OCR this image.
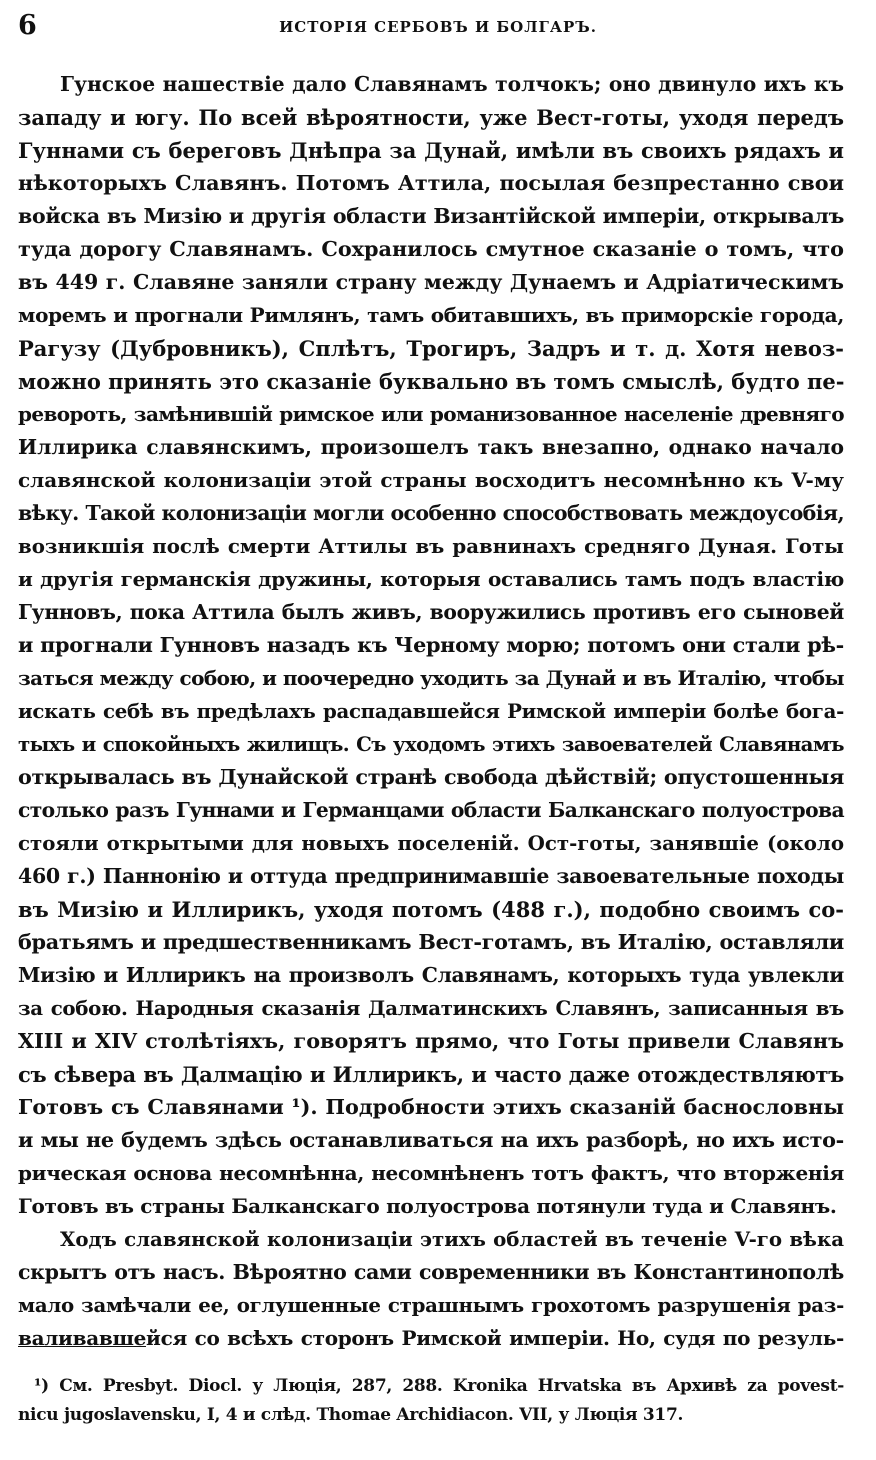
6	ИСТОРІЯ СЕРБОВЪ И БОЛГАРЪ.
Гунское нашествіе дало Славянамъ толчокъ; оно двинуло ихъ къ
западу и югу. По всей вѣроятности, уже Вест-готы, уходя передъ
Гуннами съ береговъ Днѣпра за Дунай, имѣли въ своихъ рядахъ и
нѣкоторыхъ Славянъ. Потомъ Аттила, посылая безпрестанно свои
войска въ Мизію и другія области Византійской имперіи, открывалъ
туда дорогу Славянамъ. Сохранилось смутное сказаніе о томъ, что
въ 449 г. Славяне заняли страну между Дунаемъ и Адріатическимъ
моремъ и прогнали Римлянъ, тамъ обитавшихъ, въ приморскіе города,
Рагузу (Дубровникъ), Сплѣтъ, Трогиръ, Задръ и т. д. Хотя невоз-
можно принять это сказаніе буквально въ томъ смыслѣ, будто пе-
ревороть, замѣнившій римское или романизованное населеніе древняго
Иллирика славянскимъ, произошелъ такъ внезапно, однако начало
славянской колонизаціи этой страны восходитъ несомнѣнно къ V-му
вѣку. Такой колонизаціи могли особенно способствовать междоусобія,
возникшія послѣ смерти Аттилы въ равнинахъ средняго Дуная. Готы
и другія германскія дружины, которыя оставались тамъ подъ властію
Гунновъ, пока Аттила былъ живъ, вооружились противъ его сыновей
и прогнали Гунновъ назадъ къ Черному морю; потомъ они стали рѣ-
заться между собою, и поочередно уходить за Дунай и въ Италію, чтобы
искать себѣ въ предѣлахъ распадавшейся Римской имперіи болѣе бога-
тыхъ и спокойныхъ жилищъ. Съ уходомъ этихъ завоевателей Славянамъ
открывалась въ Дунайской странѣ свобода дѣйствій; опустошенныя
столько разъ Гуннами и Германцами области Балканскаго полуострова
стояли открытыми для новыхъ поселеній. Ост-готы, занявшіе (около
460 г.) Паннонію и оттуда предпринимавшіе завоевательные походы
въ Мизію и Иллирикъ, уходя потомъ (488 г.), подобно своимъ со-
братьямъ и предшественникамъ Вест-готамъ, въ Италію, оставляли
Мизію и Иллирикъ на произволъ Славянамъ, которыхъ туда увлекли
за собою. Народныя сказанія Далматинскихъ Славянъ, записанныя въ
XIII и XIV столѣтіяхъ, говорятъ прямо, что Готы привели Славянъ
съ сѣвера въ Далмацію и Иллирикъ, и часто даже отождествляютъ
Готовъ съ Славянами ¹). Подробности этихъ сказаній баснословны
и мы не будемъ здѣсь останавливаться на ихъ разборѣ, но ихъ исто-
рическая основа несомнѣнна, несомнѣненъ тотъ фактъ, что вторженія
Готовъ въ страны Балканскаго полуострова потянули туда и Славянъ.
Ходъ славянской колонизаціи этихъ областей въ теченіе V-го вѣка
скрытъ отъ насъ. Вѣроятно сами современники въ Константинополѣ
мало замѣчали ее, оглушенные страшнымъ грохотомъ разрушенія раз-
валивавшейся со всѣхъ сторонъ Римской имперіи. Но, судя по резуль-
¹) См. Presbyt. Diocl. у Люція, 287, 288. Kronika Hrvatska въ Архивѣ za povest-
nicu jugoslavensku, I, 4 и слѣд. Thomae Archidiacon. VII, у Люція 317.
